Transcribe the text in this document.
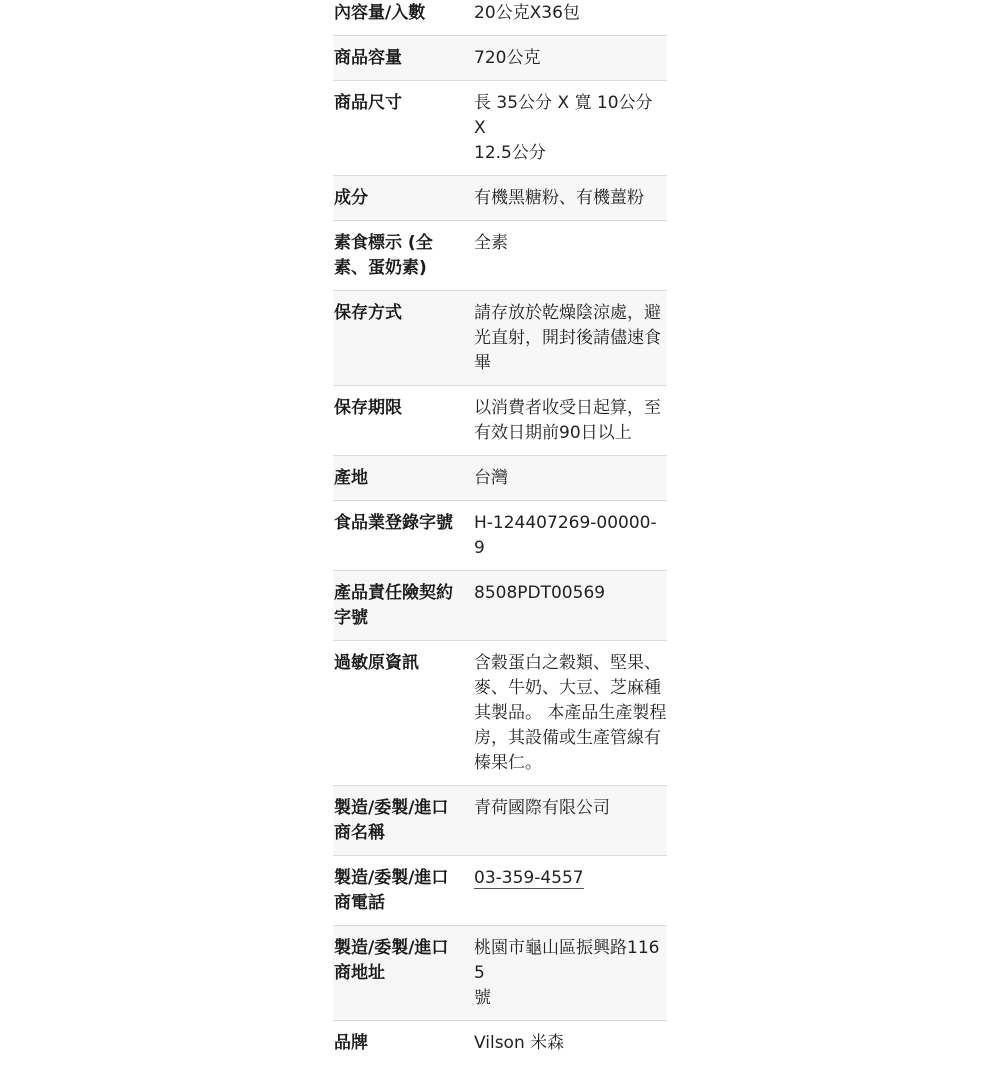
內容量/入數	20公克X36包
商品容量	720公克
商品尺寸	長 35公分 X 寬 10公分 X
12.5公分
成分	有機黑糖粉、有機薑粉
素食標示 (全
素、蛋奶素)	全素
保存方式	請存放於乾燥陰涼處，避
光直射，開封後請儘速食
畢
保存期限	以消費者收受日起算，至
有效日期前90日以上
產地	台灣
食品業登錄字號	H-124407269-00000-9
產品責任險契約
字號	8508PDT00569
過敏原資訊	含穀蛋白之穀類、堅果、
麥、牛奶、大豆、芝麻種
其製品。 本產品生產製程
房，其設備或生產管線有
榛果仁。
製造/委製/進口
商名稱	青荷國際有限公司
製造/委製/進口
商電話	03-359-4557
製造/委製/進口
商地址	桃園市龜山區振興路1165
號
品牌	Vilson 米森
